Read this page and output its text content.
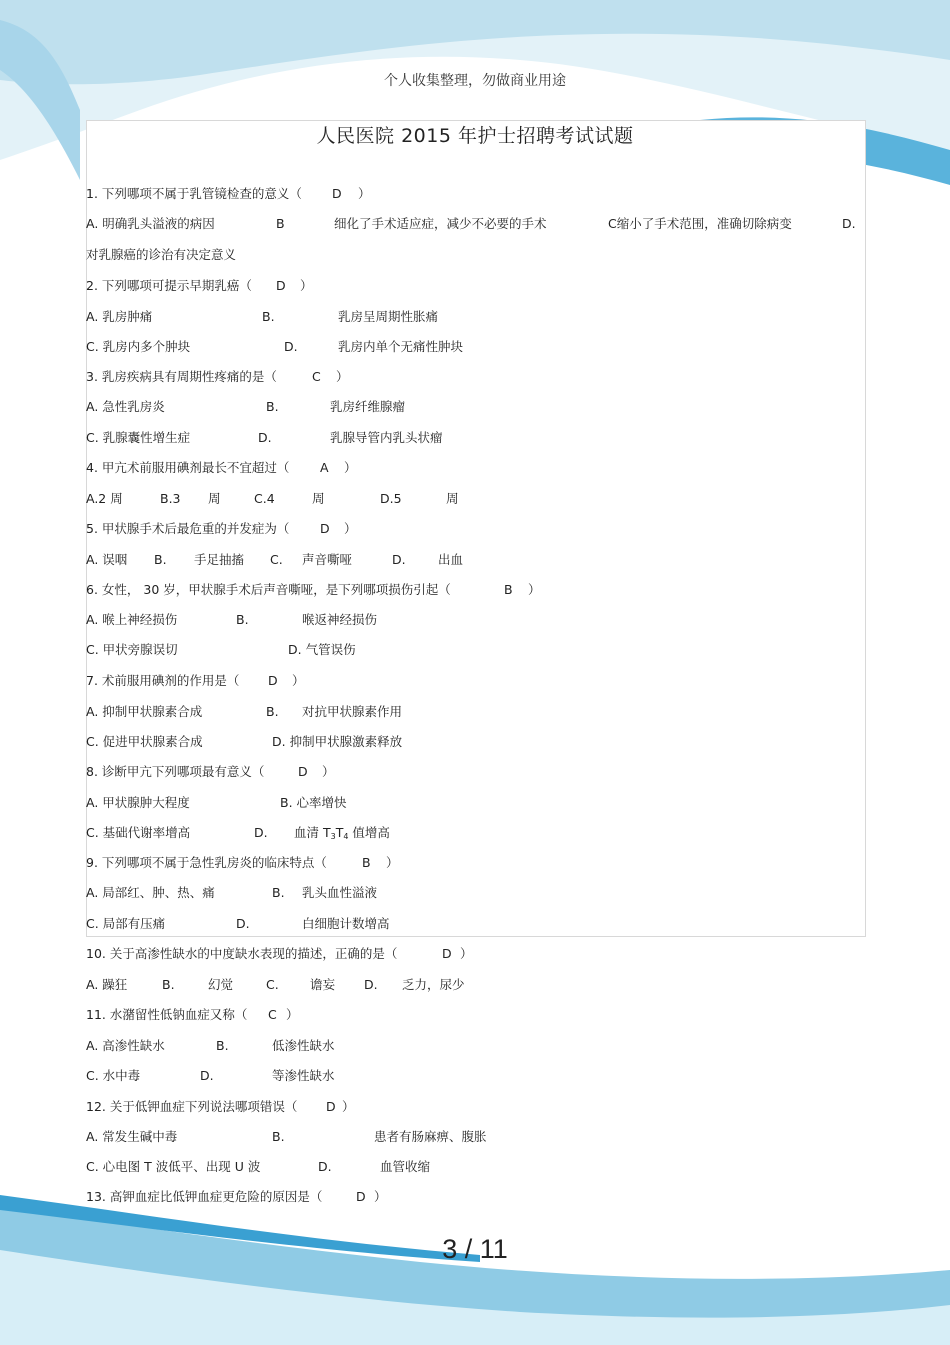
个人收集整理，勿做商业用途
人民医院 2015 年护士招聘考试试题
1. 下列哪项不属于乳管镜检查的意义（ D ）
A. 明确乳头溢液的病因	B	细化了手术适应症，减少不必要的手术	C缩小了手术范围，准确切除病变	D.
对乳腺癌的诊治有决定意义
2. 下列哪项可提示早期乳癌（ D ）
A. 乳房肿痛	B.	乳房呈周期性胀痛
C. 乳房内多个肿块	D.	乳房内单个无痛性肿块
3. 乳房疾病具有周期性疼痛的是（	C ）
A. 急性乳房炎	B.	乳房纤维腺瘤
C. 乳腺囊性增生症	D.	乳腺导管内乳头状瘤
4. 甲亢术前服用碘剂最长不宜超过（ A ）
A.2 周	B.3 周	C.4	周	D.5	周
5. 甲状腺手术后最危重的并发症为（ D ）
A. 误咽 B. 手足抽搐 C. 声音嘶哑	D.	出血
6. 女性， 30 岁，甲状腺手术后声音嘶哑，是下列哪项损伤引起（	B ）
A. 喉上神经损伤	B.	喉返神经损伤
C. 甲状旁腺误切	D. 气管误伤
7. 术前服用碘剂的作用是（ D ）
A. 抑制甲状腺素合成	B. 对抗甲状腺素作用
C. 促进甲状腺素合成	D. 抑制甲状腺激素释放
8. 诊断甲亢下列哪项最有意义（	D ）
A. 甲状腺肿大程度	B. 心率增快
C. 基础代谢率增高	D. 血清 $T_3T_4$ 值增高
9. 下列哪项不属于急性乳房炎的临床特点（	B ）
A. 局部红、肿、热、痛	B. 乳头血性溢液
C. 局部有压痛	D.	白细胞计数增高
10. 关于高渗性缺水的中度缺水表现的描述，正确的是（	D ）
A. 躁狂	B.	幻觉	C.	谵妄 D. 乏力，尿少
11. 水潴留性低钠血症又称（ C ）
A. 高渗性缺水	B.	低渗性缺水
C. 水中毒	D.	等渗性缺水
12. 关于低钾血症下列说法哪项错误（ D ）
A. 常发生碱中毒	B.	患者有肠麻痹、腹胀
C. 心电图 T 波低平、出现 U 波	D.	血管收缩
13. 高钾血症比低钾血症更危险的原因是（	D ）
3 / 11
